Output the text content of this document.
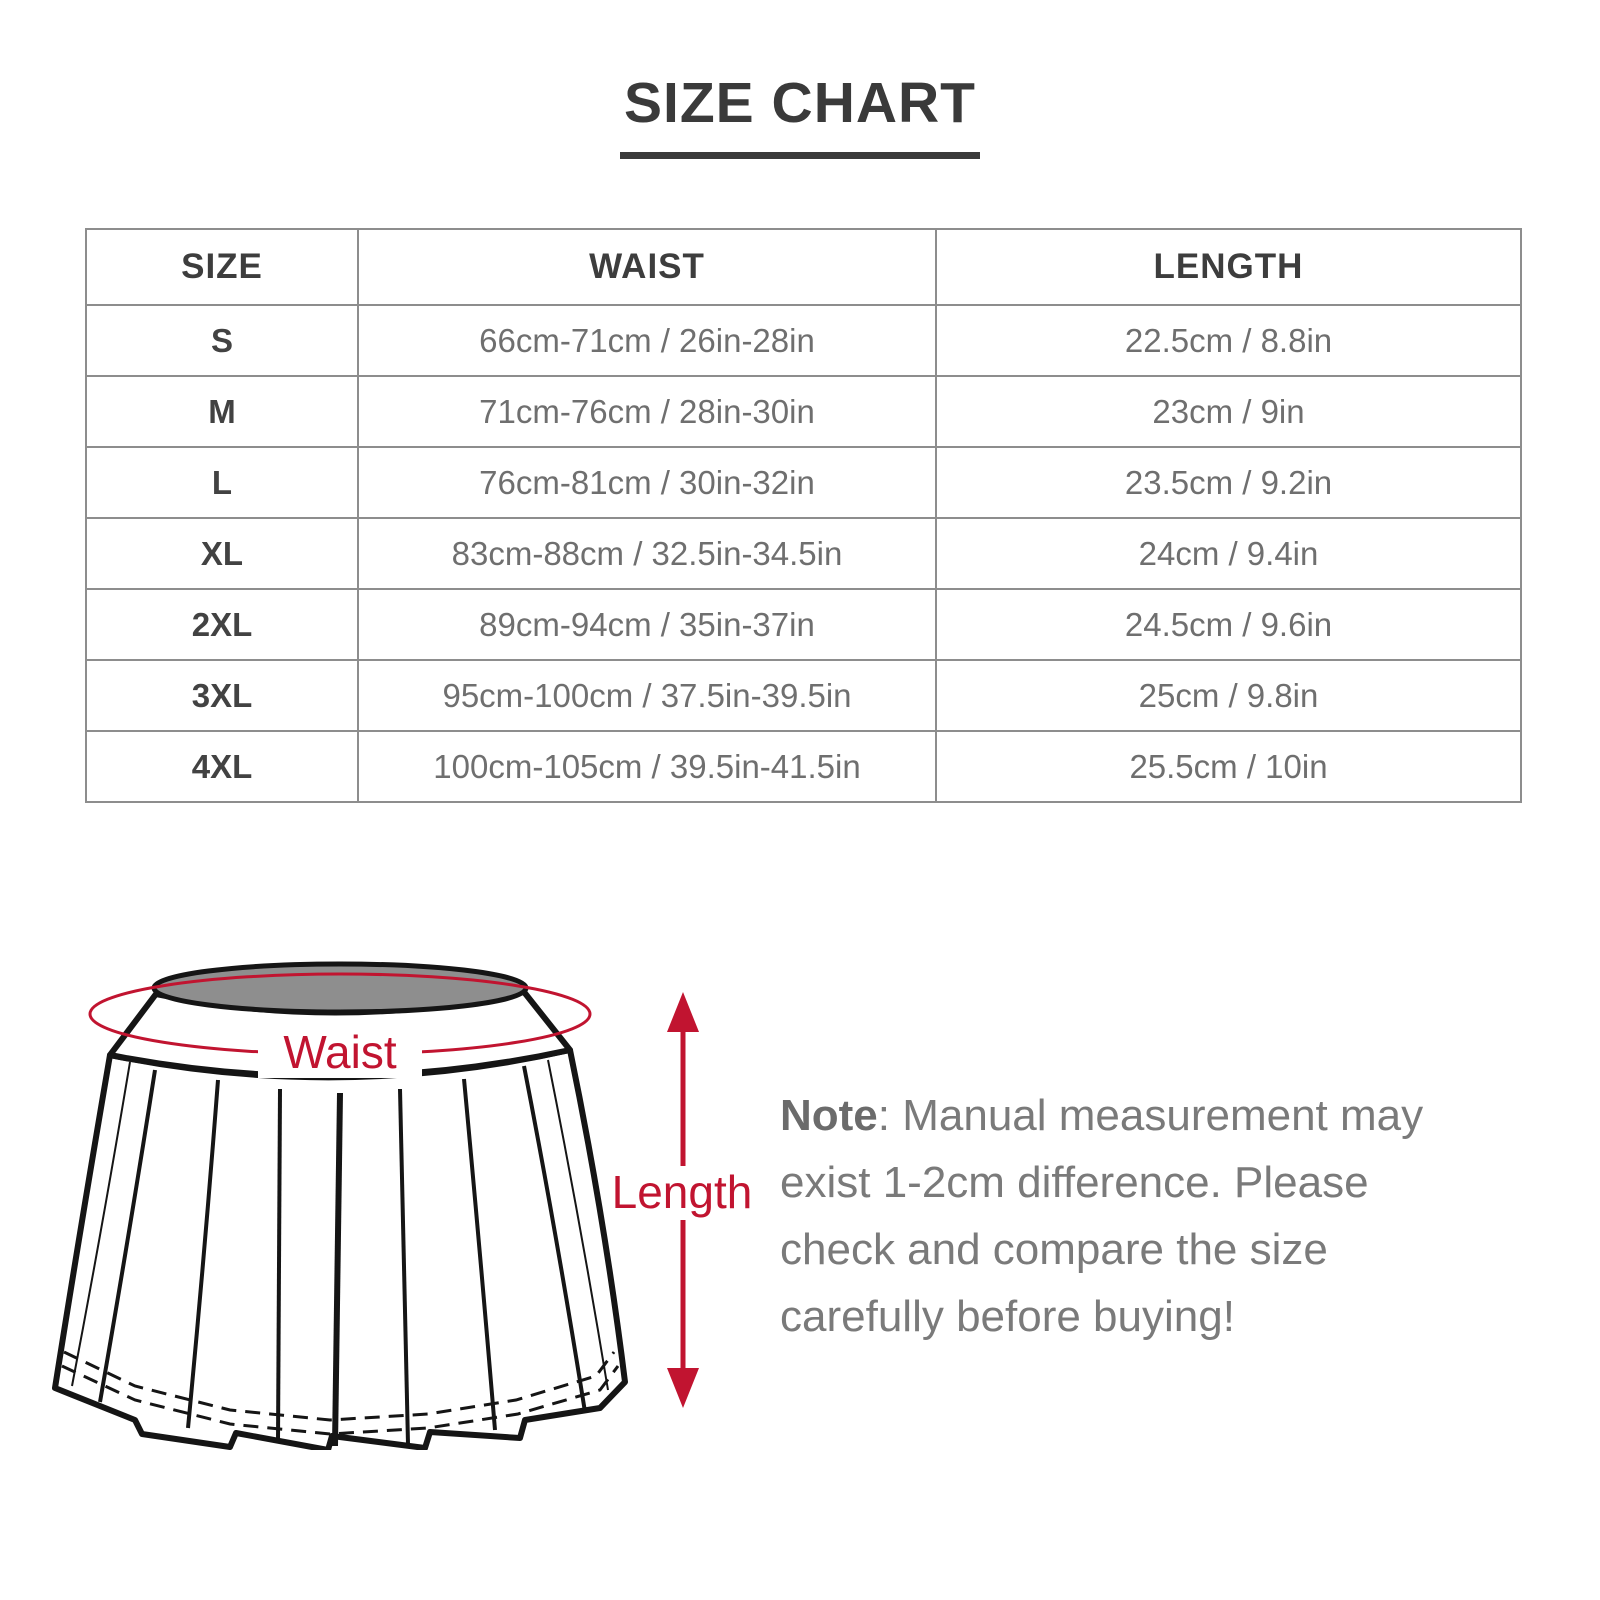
SIZE CHART
SIZE	WAIST	LENGTH
S	66cm-71cm / 26in-28in	22.5cm / 8.8in
M	71cm-76cm / 28in-30in	23cm / 9in
L	76cm-81cm / 30in-32in	23.5cm / 9.2in
XL	83cm-88cm / 32.5in-34.5in	24cm / 9.4in
2XL	89cm-94cm / 35in-37in	24.5cm / 9.6in
3XL	95cm-100cm / 37.5in-39.5in	25cm / 9.8in
4XL	100cm-105cm / 39.5in-41.5in	25.5cm / 10in
Waist
Length

Note: Manual measurement may exist 1-2cm difference. Please check and compare the size carefully before buying!
